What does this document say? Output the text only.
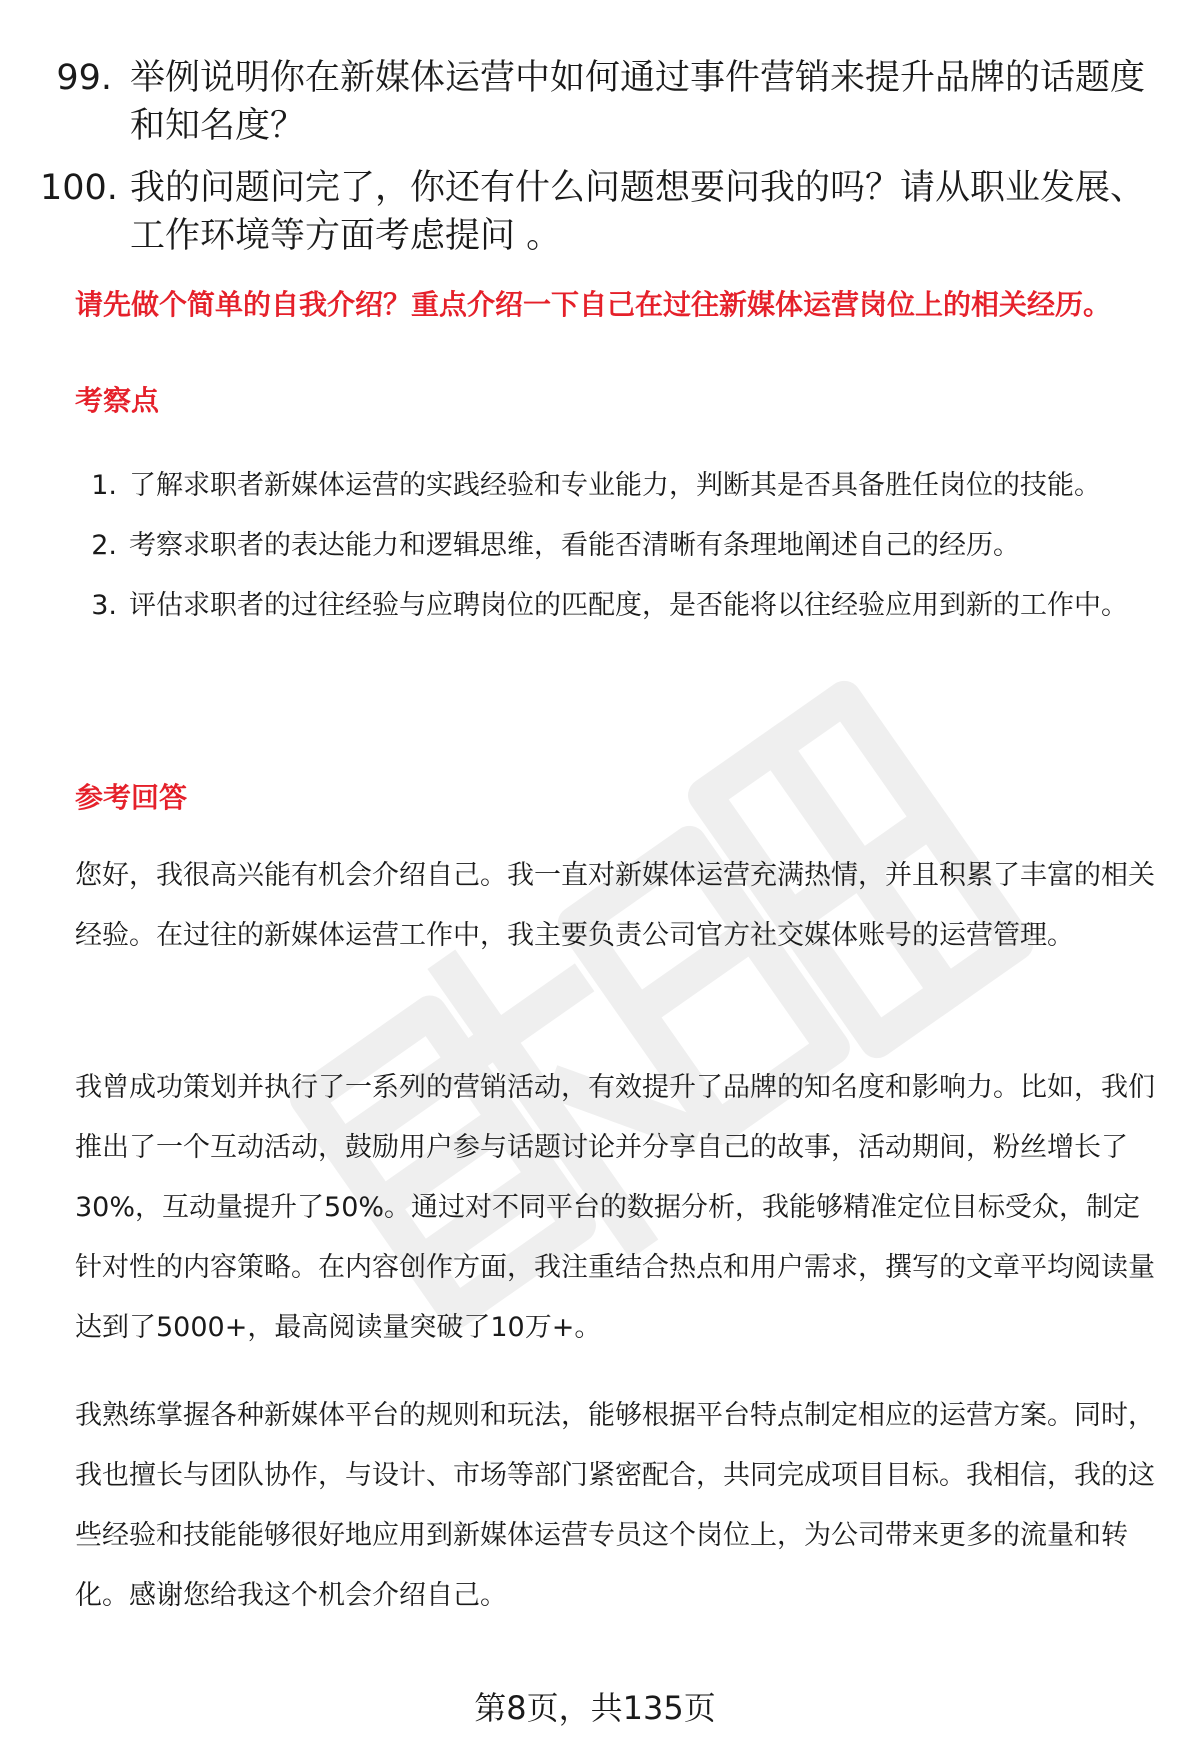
99. 举例说明你在新媒体运营中如何通过事件营销来提升品牌的话题度和知名度？
100. 我的问题问完了，你还有什么问题想要问我的吗？请从职业发展、工作环境等方面考虑提问 。

请先做个简单的自我介绍？重点介绍一下自己在过往新媒体运营岗位上的相关经历。

考察点
1. 了解求职者新媒体运营的实践经验和专业能力，判断其是否具备胜任岗位的技能。
2. 考察求职者的表达能力和逻辑思维，看能否清晰有条理地阐述自己的经历。
3. 评估求职者的过往经验与应聘岗位的匹配度，是否能将以往经验应用到新的工作中。
参考回答

您好，我很高兴能有机会介绍自己。我一直对新媒体运营充满热情，并且积累了丰富的相关经验。在过往的新媒体运营工作中，我主要负责公司官方社交媒体账号的运营管理。

我曾成功策划并执行了一系列的营销活动，有效提升了品牌的知名度和影响力。比如，我们推出了一个互动活动，鼓励用户参与话题讨论并分享自己的故事，活动期间，粉丝增长了30%，互动量提升了50%。通过对不同平台的数据分析，我能够精准定位目标受众，制定针对性的内容策略。在内容创作方面，我注重结合热点和用户需求，撰写的文章平均阅读量达到了5000+，最高阅读量突破了10万+。

我熟练掌握各种新媒体平台的规则和玩法，能够根据平台特点制定相应的运营方案。同时，我也擅长与团队协作，与设计、市场等部门紧密配合，共同完成项目目标。我相信，我的这些经验和技能能够很好地应用到新媒体运营专员这个岗位上，为公司带来更多的流量和转化。感谢您给我这个机会介绍自己。

第8页，共135页
